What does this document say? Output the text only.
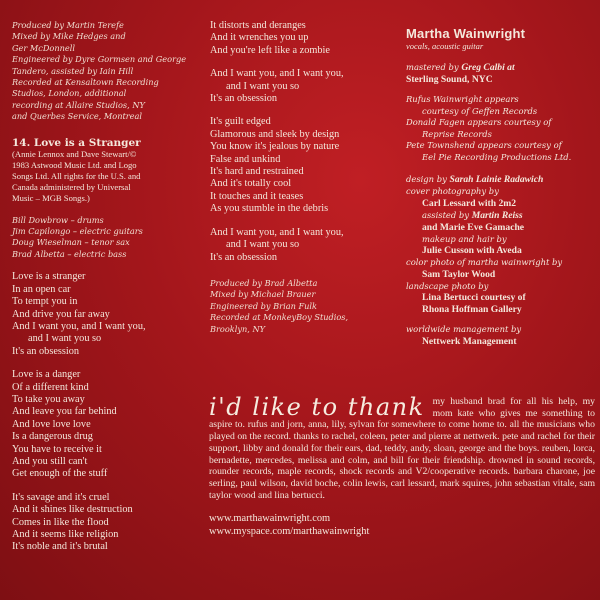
Produced by Martin Terefe

Mixed by Mike Hedges and

Ger McDonnell

Engineered by Dyre Gormsen and George

Tandero, assisted by Iain Hill

Recorded at Kensaltown Recording

Studios, London, additional

recording at Allaire Studios, NY

and Querbes Service, Montreal

14. Love is a Stranger

(Annie Lennox and Dave Stewart/©

1983 Astwood Music Ltd. and Logo

Songs Ltd. All rights for the U.S. and

Canada administered by Universal

Music – MGB Songs.)

Bill Dowbrow – drums

Jim Capilongo – electric guitars

Doug Wieselman – tenor sax

Brad Albetta – electric bass

Love is a stranger

In an open car

To tempt you in

And drive you far away

And I want you, and I want you,

and I want you so

It's an obsession

Love is a danger

Of a different kind

To take you away

And leave you far behind

And love love love

Is a dangerous drug

You have to receive it

And you still can't

Get enough of the stuff

It's savage and it's cruel

And it shines like destruction

Comes in like the flood

And it seems like religion

It's noble and it's brutal

It distorts and deranges

And it wrenches you up

And you're left like a zombie

And I want you, and I want you,

and I want you so

It's an obsession

It's guilt edged

Glamorous and sleek by design

You know it's jealous by nature

False and unkind

It's hard and restrained

And it's totally cool

It touches and it teases

As you stumble in the debris

And I want you, and I want you,

and I want you so

It's an obsession

Produced by Brad Albetta

Mixed by Michael Brauer

Engineered by Brian Fulk

Recorded at MonkeyBoy Studios,

Brooklyn, NY

Martha Wainwright

vocals, acoustic guitar

mastered by Greg Calbi at

Sterling Sound, NYC

Rufus Wainwright appears

courtesy of Geffen Records

Donald Fagen appears courtesy of

Reprise Records

Pete Townshend appears courtesy of

Eel Pie Recording Productions Ltd.

design by Sarah Lainie Radawich

cover photography by

Carl Lessard with 2m2

assisted by Martin Reiss

and Marie Eve Gamache

makeup and hair by

Julie Cusson with Aveda

color photo of martha wainwright by

Sam Taylor Wood

landscape photo by

Lina Bertucci courtesy of

Rhona Hoffman Gallery

worldwide management by

Nettwerk Management

i'd like to thank my husband brad for all his help, my mom kate who gives me something to aspire to. rufus and jorn, anna, lily, sylvan for somewhere to come home to. all the musicians who played on the record. thanks to rachel, coleen, peter and pierre at nettwerk. pete and rachel for their support, libby and donald for their ears, dad, teddy, andy, sloan, george and the boys. reuben, lorca, bernadette, mercedes, melissa and colm, and bill for their friendship. drowned in sound records, rounder records, maple records, shock records and V2/cooperative records. barbara charone, joe serling, paul wilson, david boche, colin lewis, carl lessard, mark squires, john sebastian vitale, sam taylor wood and lina bertucci.

www.marthawainwright.com

www.myspace.com/marthawainwright
